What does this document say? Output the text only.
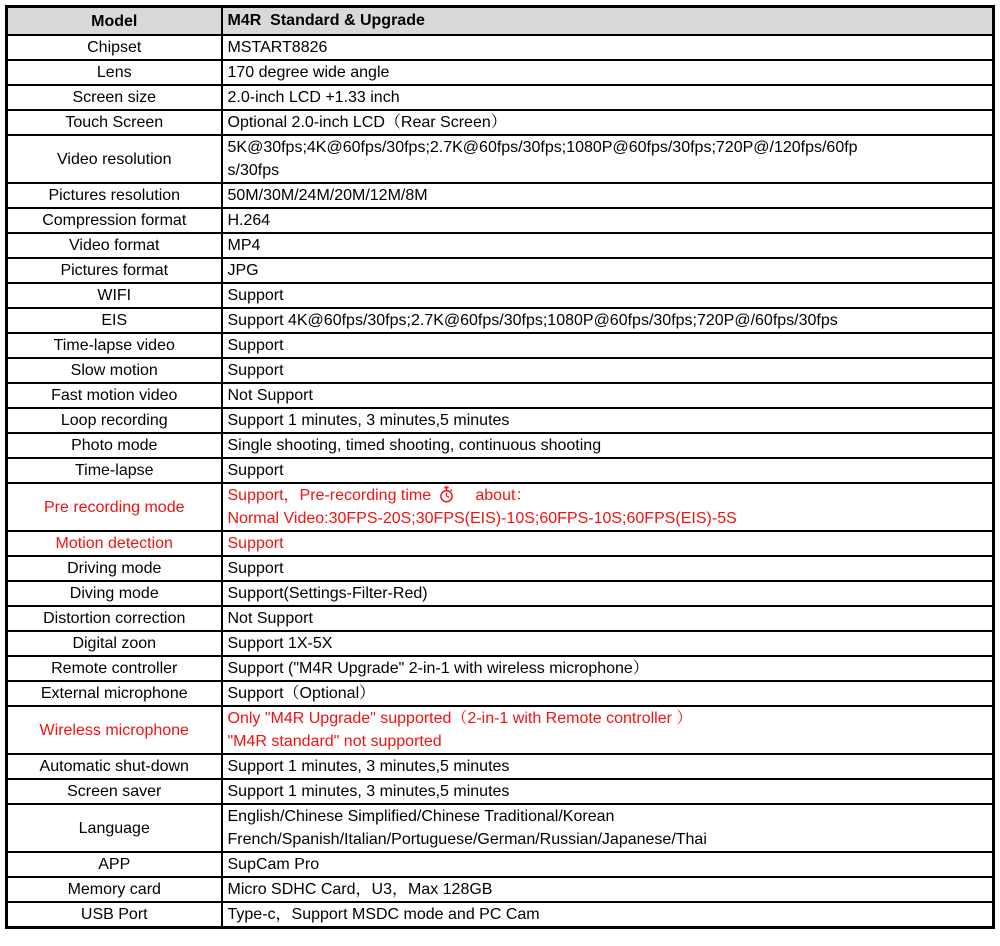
Model	M4R  Standard & Upgrade
Chipset	MSTART8826

Lens	170 degree wide angle

Screen size	2.0-inch LCD +1.33 inch

Touch Screen	Optional 2.0-inch LCD（Rear Screen）

Video resolution	5K@30fps;4K@60fps/30fps;2.7K@60fps/30fps;1080P@60fps/30fps;720P@/120fps/60fp
s/30fps

Pictures resolution	50M/30M/24M/20M/12M/8M

Compression format	H.264

Video format	MP4

Pictures format	JPG

WIFI	Support

EIS	Support 4K@60fps/30fps;2.7K@60fps/30fps;1080P@60fps/30fps;720P@/60fps/30fps

Time-lapse video	Support

Slow motion	Support

Fast motion video	Not Support

Loop recording	Support 1 minutes, 3 minutes,5 minutes

Photo mode	Single shooting, timed shooting, continuous shooting

Time-lapse	Support

Pre recording mode	Support，Pre-recording time
about：
Normal Video:30FPS-20S;30FPS(EIS)-10S;60FPS-10S;60FPS(EIS)-5S

Motion detection	Support

Driving mode	Support

Diving mode	Support(Settings-Filter-Red)

Distortion correction	Not Support

Digital zoon	Support 1X-5X

Remote controller	Support ("M4R Upgrade" 2-in-1 with wireless microphone）

External microphone	Support（Optional）

Wireless microphone	Only "M4R Upgrade" supported（2-in-1 with Remote controller ）
"M4R standard" not supported

Automatic shut-down	Support 1 minutes, 3 minutes,5 minutes

Screen saver	Support 1 minutes, 3 minutes,5 minutes

Language	English/Chinese Simplified/Chinese Traditional/Korean
French/Spanish/Italian/Portuguese/German/Russian/Japanese/Thai

APP	SupCam Pro

Memory card	Micro SDHC Card，U3，Max 128GB

USB Port	Type-c，Support MSDC mode and PC Cam
